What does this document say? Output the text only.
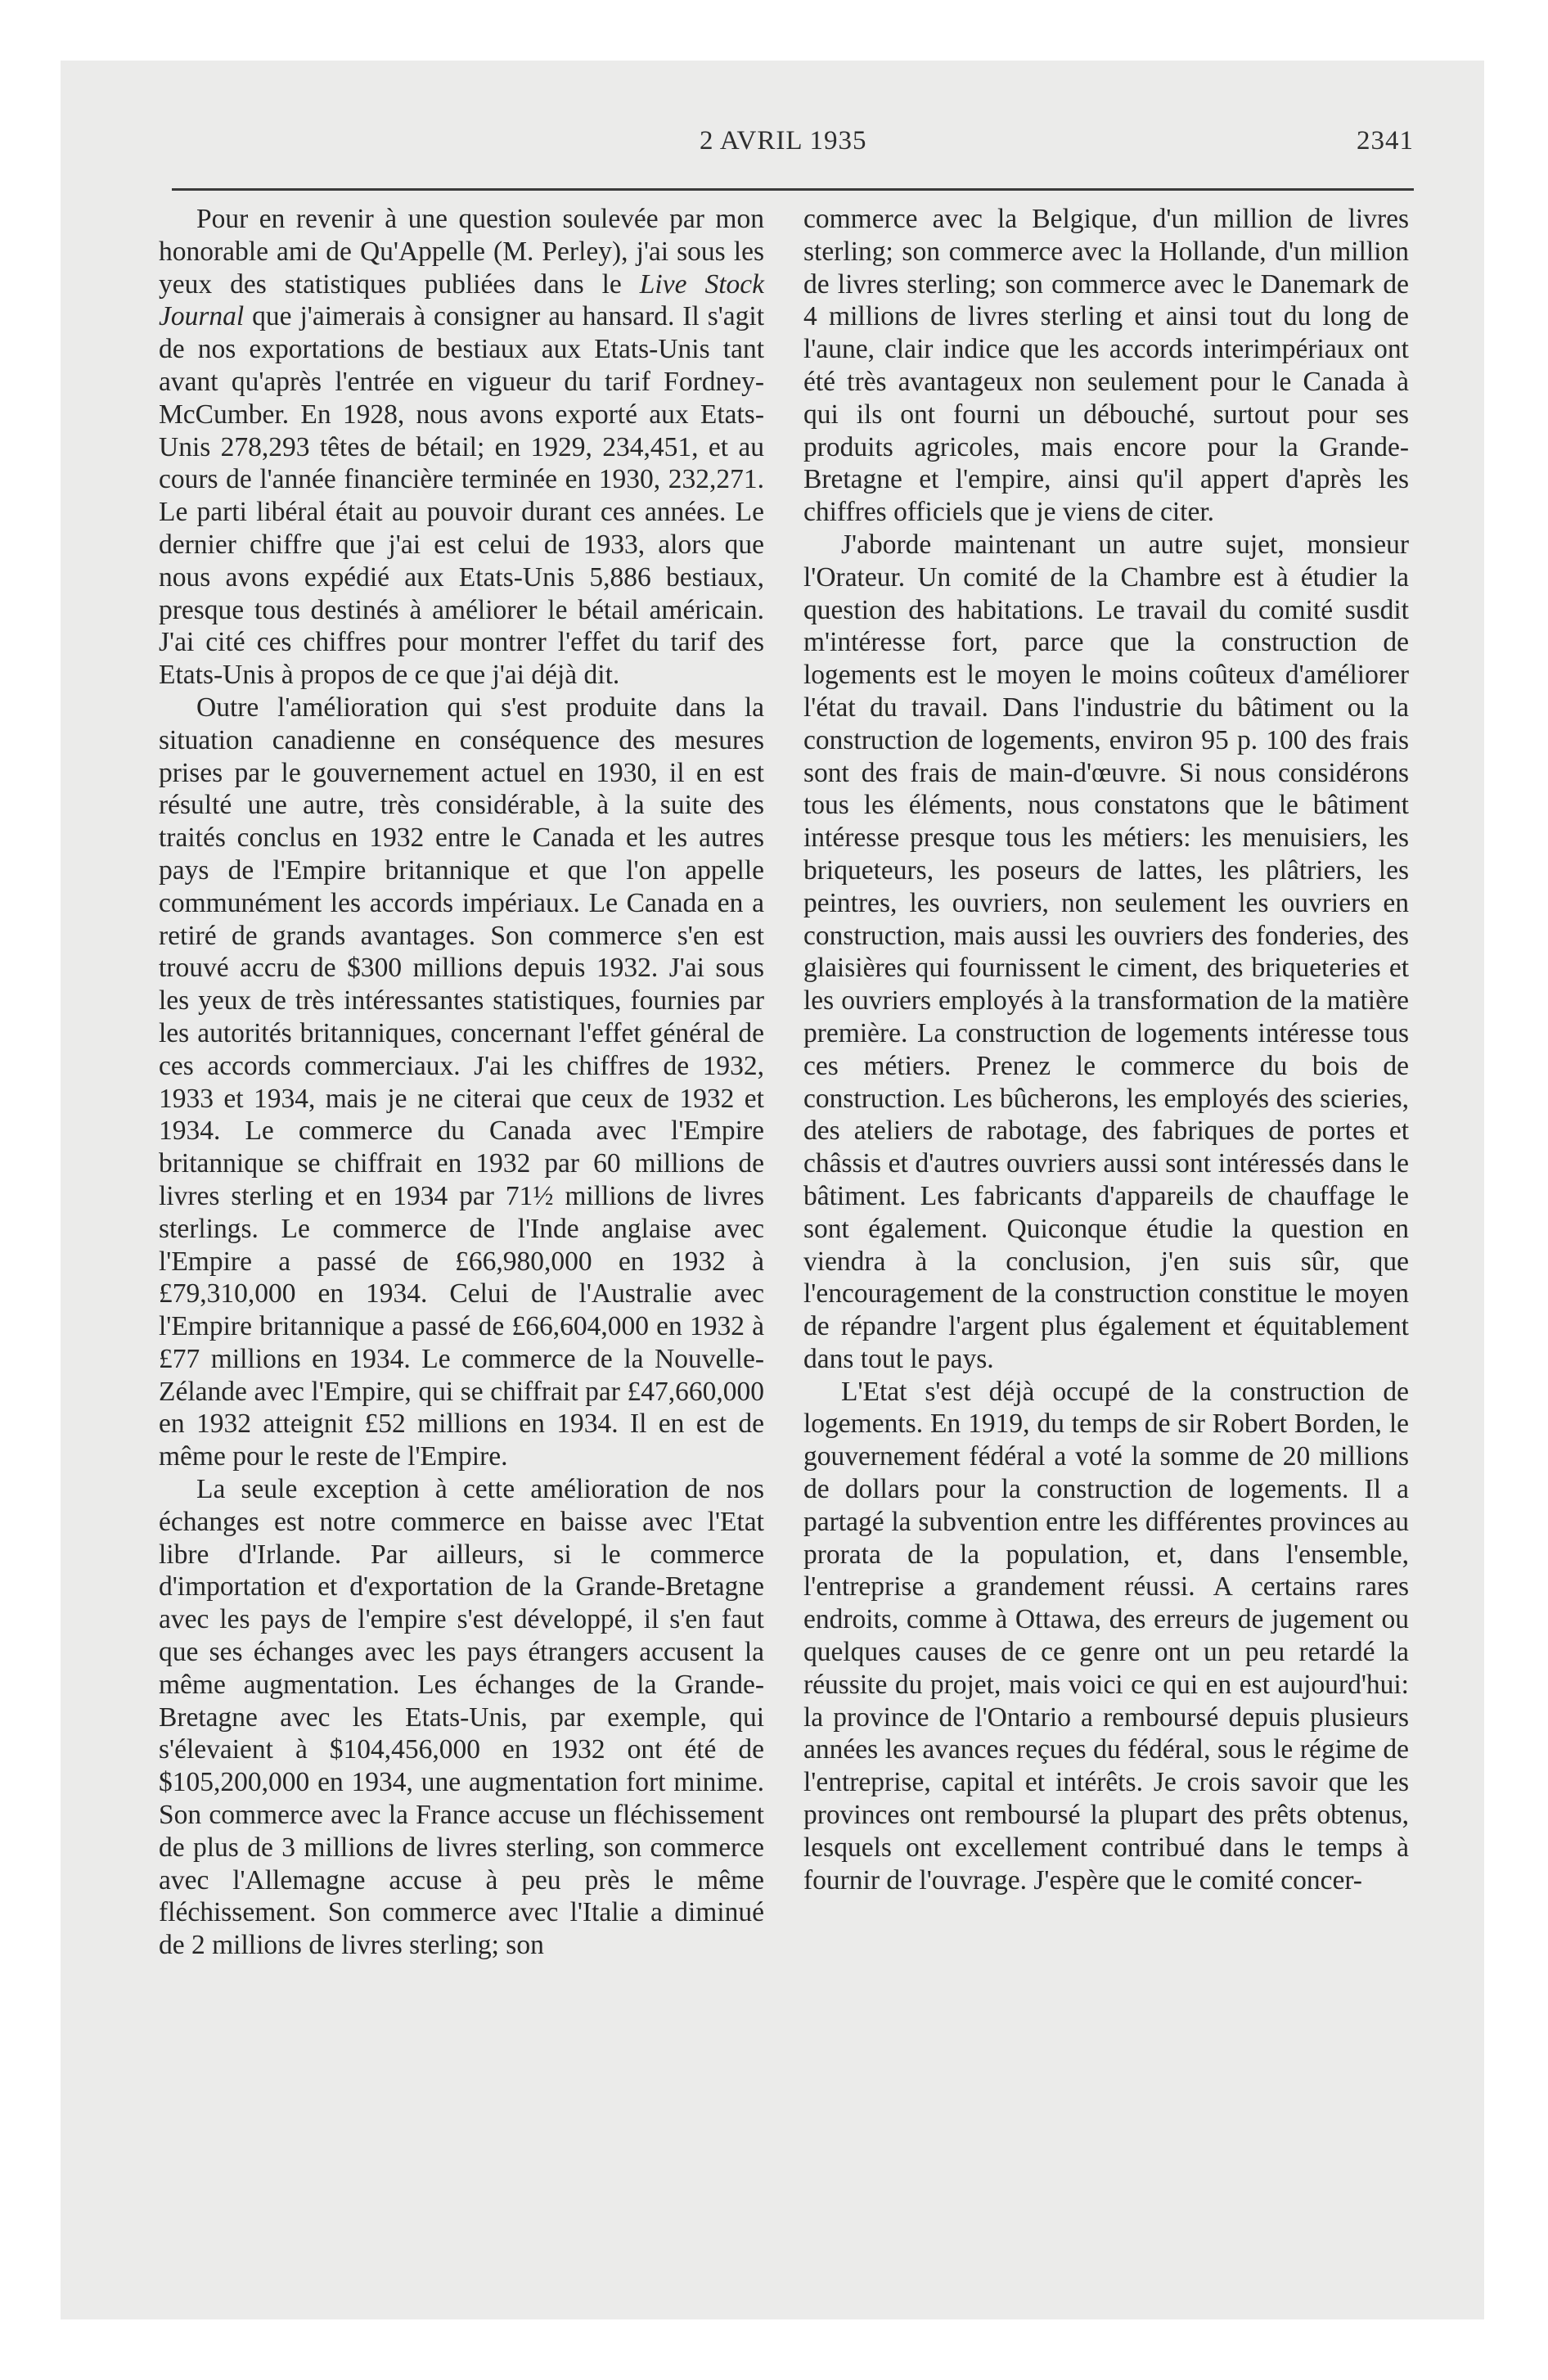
2 AVRIL 1935	2341

Pour en revenir à une question soulevée par mon honorable ami de Qu'Appelle (M. Perley), j'ai sous les yeux des statistiques publiées dans le Live Stock Journal que j'aimerais à consigner au hansard. Il s'agit de nos exportations de bestiaux aux Etats-Unis tant avant qu'après l'entrée en vigueur du tarif Fordney-McCumber. En 1928, nous avons exporté aux Etats-Unis 278,293 têtes de bétail; en 1929, 234,451, et au cours de l'année financière terminée en 1930, 232,271. Le parti libéral était au pouvoir durant ces années. Le dernier chiffre que j'ai est celui de 1933, alors que nous avons expédié aux Etats-Unis 5,886 bestiaux, presque tous destinés à améliorer le bétail américain. J'ai cité ces chiffres pour montrer l'effet du tarif des Etats-Unis à propos de ce que j'ai déjà dit.

Outre l'amélioration qui s'est produite dans la situation canadienne en conséquence des mesures prises par le gouvernement actuel en 1930, il en est résulté une autre, très considérable, à la suite des traités conclus en 1932 entre le Canada et les autres pays de l'Empire britannique et que l'on appelle communément les accords impériaux. Le Canada en a retiré de grands avantages. Son commerce s'en est trouvé accru de $300 millions depuis 1932. J'ai sous les yeux de très intéressantes statistiques, fournies par les autorités britanniques, concernant l'effet général de ces accords commerciaux. J'ai les chiffres de 1932, 1933 et 1934, mais je ne citerai que ceux de 1932 et 1934. Le commerce du Canada avec l'Empire britannique se chiffrait en 1932 par 60 millions de livres sterling et en 1934 par 71½ millions de livres sterlings. Le commerce de l'Inde anglaise avec l'Empire a passé de £66,980,000 en 1932 à £79,310,000 en 1934. Celui de l'Australie avec l'Empire britannique a passé de £66,604,000 en 1932 à £77 millions en 1934. Le commerce de la Nouvelle-Zélande avec l'Empire, qui se chiffrait par £47,660,000 en 1932 atteignit £52 millions en 1934. Il en est de même pour le reste de l'Empire.

La seule exception à cette amélioration de nos échanges est notre commerce en baisse avec l'Etat libre d'Irlande. Par ailleurs, si le commerce d'importation et d'exportation de la Grande-Bretagne avec les pays de l'empire s'est développé, il s'en faut que ses échanges avec les pays étrangers accusent la même augmentation. Les échanges de la Grande-Bretagne avec les Etats-Unis, par exemple, qui s'élevaient à $104,456,000 en 1932 ont été de $105,200,000 en 1934, une augmentation fort minime. Son commerce avec la France accuse un fléchissement de plus de 3 millions de livres sterling, son commerce avec l'Allemagne accuse à peu près le même fléchissement. Son commerce avec l'Italie a diminué de 2 millions de livres sterling; son

commerce avec la Belgique, d'un million de livres sterling; son commerce avec la Hollande, d'un million de livres sterling; son commerce avec le Danemark de 4 millions de livres sterling et ainsi tout du long de l'aune, clair indice que les accords interimpériaux ont été très avantageux non seulement pour le Canada à qui ils ont fourni un débouché, surtout pour ses produits agricoles, mais encore pour la Grande-Bretagne et l'empire, ainsi qu'il appert d'après les chiffres officiels que je viens de citer.

J'aborde maintenant un autre sujet, monsieur l'Orateur. Un comité de la Chambre est à étudier la question des habitations. Le travail du comité susdit m'intéresse fort, parce que la construction de logements est le moyen le moins coûteux d'améliorer l'état du travail. Dans l'industrie du bâtiment ou la construction de logements, environ 95 p. 100 des frais sont des frais de main-d'œuvre. Si nous considérons tous les éléments, nous constatons que le bâtiment intéresse presque tous les métiers: les menuisiers, les briqueteurs, les poseurs de lattes, les plâtriers, les peintres, les ouvriers, non seulement les ouvriers en construction, mais aussi les ouvriers des fonderies, des glaisières qui fournissent le ciment, des briqueteries et les ouvriers employés à la transformation de la matière première. La construction de logements intéresse tous ces métiers. Prenez le commerce du bois de construction. Les bûcherons, les employés des scieries, des ateliers de rabotage, des fabriques de portes et châssis et d'autres ouvriers aussi sont intéressés dans le bâtiment. Les fabricants d'appareils de chauffage le sont également. Quiconque étudie la question en viendra à la conclusion, j'en suis sûr, que l'encouragement de la construction constitue le moyen de répandre l'argent plus également et équitablement dans tout le pays.

L'Etat s'est déjà occupé de la construction de logements. En 1919, du temps de sir Robert Borden, le gouvernement fédéral a voté la somme de 20 millions de dollars pour la construction de logements. Il a partagé la subvention entre les différentes provinces au prorata de la population, et, dans l'ensemble, l'entreprise a grandement réussi. A certains rares endroits, comme à Ottawa, des erreurs de jugement ou quelques causes de ce genre ont un peu retardé la réussite du projet, mais voici ce qui en est aujourd'hui: la province de l'Ontario a remboursé depuis plusieurs années les avances reçues du fédéral, sous le régime de l'entreprise, capital et intérêts. Je crois savoir que les provinces ont remboursé la plupart des prêts obtenus, lesquels ont excellement contribué dans le temps à fournir de l'ouvrage. J'espère que le comité concer-
